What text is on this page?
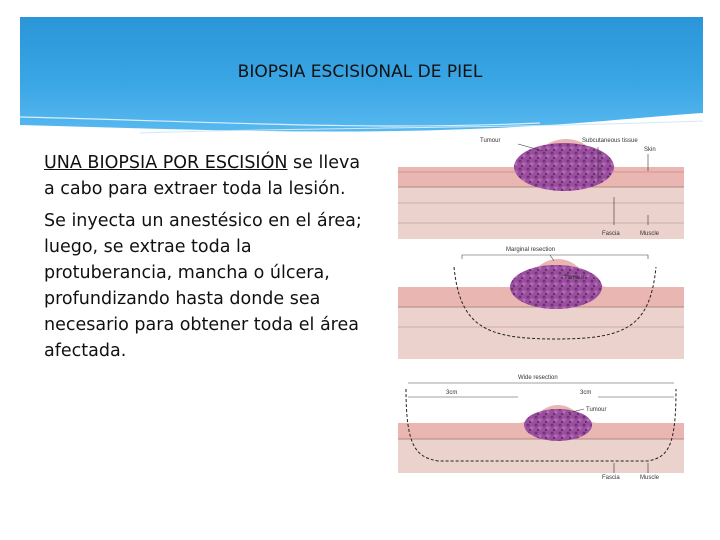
BIOPSIA ESCISIONAL DE PIEL

UNA BIOPSIA POR ESCISIÓN se lleva a cabo para extraer toda la lesión.

Se inyecta un anestésico en el área; luego, se extrae toda la protuberancia, mancha o úlcera, profundizando hasta donde sea necesario para obtener toda el área afectada.

Tumour	Subcutaneous tissue
Skin
Fascia	Muscle
Marginal resection
Tumour
Wide resection
3cm	3cm
Tumour
Fascia	Muscle
